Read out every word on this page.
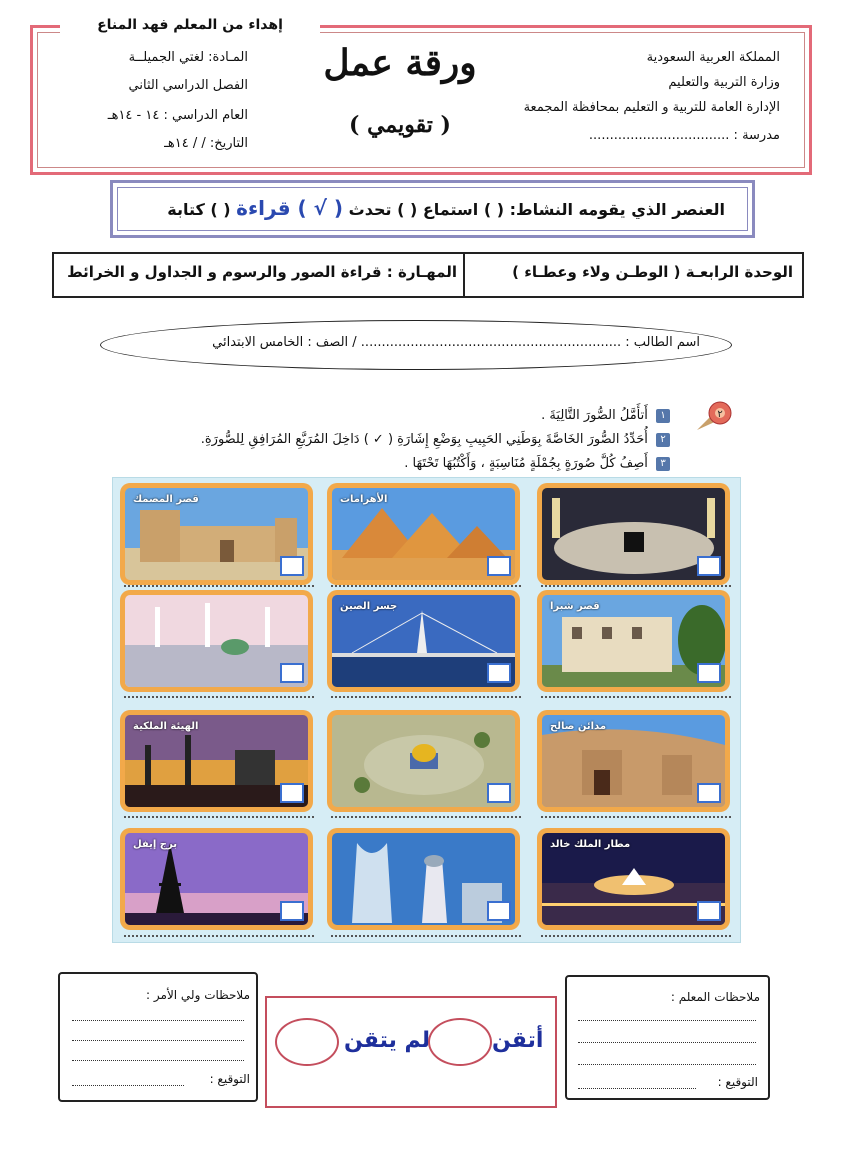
إهداء من المعلم فهد المناع
المملكة العربية السعودية
وزارة التربية والتعليم
الإدارة العامة للتربية و التعليم بمحافظة المجمعة
مدرسة : ..................................
ورقة عمل
( تقويمي )
المـادة: لغتي الجميلــة
الفصل الدراسي الثاني
العام الدراسي : ١٤ - ١٤هـ
التاريخ: / / ١٤هـ
العنصر الذي يقومه النشاط: ( ) استماع ( ) تحدث ( √ ) قراءة ( ) كتابة
الوحدة الرابعـة ( الوطـن ولاء وعطـاء )
المهـارة : قراءة الصور والرسوم و الجداول و الخرائط
اسم الطالب : ............................................................... / الصف : الخامس الابتدائي
٢
١ أَتأَمَّلُ الصُّورَ التَّالِيَةَ .
٢ أُحَدِّدُ الصُّورَ الخَاصَّةَ بِوَطَنِي الحَبِيبِ بِوَضْعِ إِشَارَةِ ( ✓ ) دَاخِلَ المُرَبَّعِ المُرَافِقِ لِلصُّورَةِ.
٣ أَصِفُ كُلَّ صُورَةٍ بِجُمْلَةٍ مُنَاسِبَةٍ ، وَأَكْتُبُهَا تَحْتَهَا .
قصر المصمك	الأهرامات
جسر الصين	قصر شبرا
الهيئة الملكية	مدائن صالح
برج إيفل	مطار الملك خالد
ملاحظات ولي الأمر :
التوقيع :
لم يتقن	أتقن
ملاحظات المعلم :
التوقيع :
